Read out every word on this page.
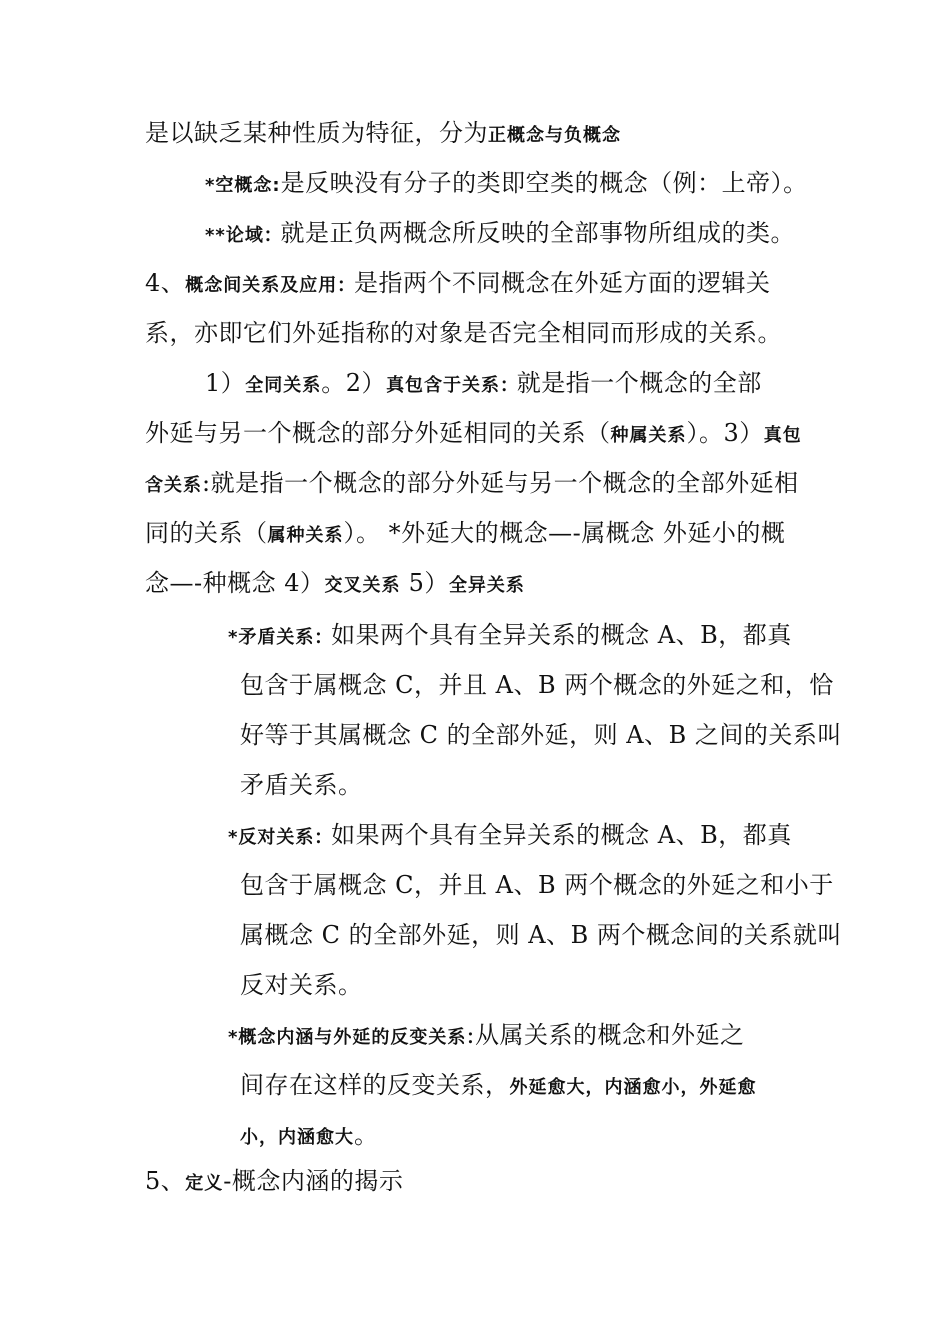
是以缺乏某种性质为特征，分为正概念与负概念
*空概念:是反映没有分子的类即空类的概念（例：上帝）。
**论域: 就是正负两概念所反映的全部事物所组成的类。
4、概念间关系及应用: 是指两个不同概念在外延方面的逻辑关
系，亦即它们外延指称的对象是否完全相同而形成的关系。
1）全同关系。2）真包含于关系: 就是指一个概念的全部
外延与另一个概念的部分外延相同的关系（种属关系）。3）真包
含关系:就是指一个概念的部分外延与另一个概念的全部外延相
同的关系（属种关系）。 *外延大的概念—-属概念 外延小的概
念—-种概念 4）交叉关系 5）全异关系
*矛盾关系: 如果两个具有全异关系的概念 A、B，都真
包含于属概念 C，并且 A、B 两个概念的外延之和，恰
好等于其属概念 C 的全部外延，则 A、B 之间的关系叫
矛盾关系。
*反对关系: 如果两个具有全异关系的概念 A、B，都真
包含于属概念 C，并且 A、B 两个概念的外延之和小于
属概念 C 的全部外延，则 A、B 两个概念间的关系就叫
反对关系。
*概念内涵与外延的反变关系:从属关系的概念和外延之
间存在这样的反变关系，外延愈大，内涵愈小，外延愈
小，内涵愈大。
5、定义-概念内涵的揭示
